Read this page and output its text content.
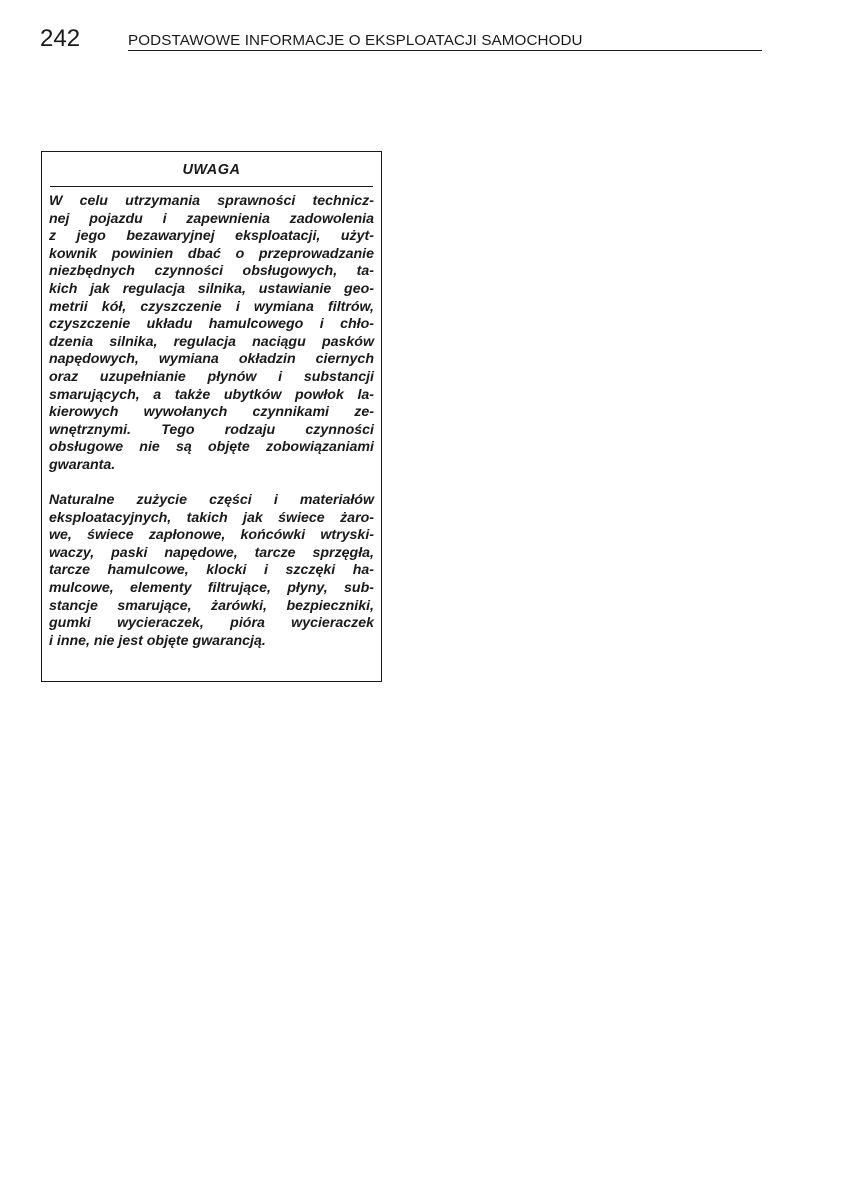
242	PODSTAWOWE INFORMACJE O EKSPLOATACJI SAMOCHODU
UWAGA

W celu utrzymania sprawności technicz-
nej pojazdu i zapewnienia zadowolenia
z jego bezawaryjnej eksploatacji, użyt-
kownik powinien dbać o przeprowadzanie
niezbędnych czynności obsługowych, ta-
kich jak regulacja silnika, ustawianie geo-
metrii kół, czyszczenie i wymiana filtrów,
czyszczenie układu hamulcowego i chło-
dzenia silnika, regulacja naciągu pasków
napędowych, wymiana okładzin ciernych
oraz uzupełnianie płynów i substancji
smarujących, a także ubytków powłok la-
kierowych wywołanych czynnikami ze-
wnętrznymi. Tego rodzaju czynności
obsługowe nie są objęte zobowiązaniami
gwaranta.

Naturalne zużycie części i materiałów
eksploatacyjnych, takich jak świece żaro-
we, świece zapłonowe, końcówki wtryski-
waczy, paski napędowe, tarcze sprzęgła,
tarcze hamulcowe, klocki i szczęki ha-
mulcowe, elementy filtrujące, płyny, sub-
stancje smarujące, żarówki, bezpieczniki,
gumki wycieraczek, pióra wycieraczek
i inne, nie jest objęte gwarancją.
